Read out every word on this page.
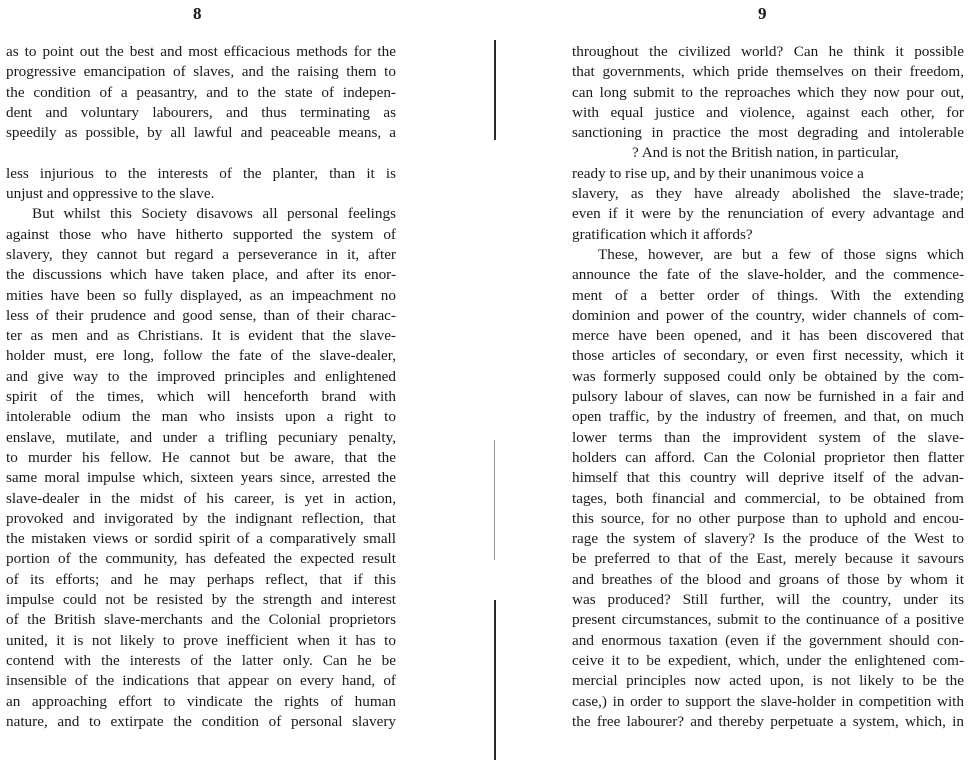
8
as to point out the best and most efficacious methods for the
progressive emancipation of slaves, and the raising them to
the condition of a peasantry, and to the state of indepen-
dent and voluntary labourers, and thus terminating as
speedily as possible, by all lawful and peaceable means, a
less injurious to the interests of the planter, than it is
unjust and oppressive to the slave.
But whilst this Society disavows all personal feelings
against those who have hitherto supported the system of
slavery, they cannot but regard a perseverance in it, after
the discussions which have taken place, and after its enor-
mities have been so fully displayed, as an impeachment no
less of their prudence and good sense, than of their charac-
ter as men and as Christians. It is evident that the slave-
holder must, ere long, follow the fate of the slave-dealer,
and give way to the improved principles and enlightened
spirit of the times, which will henceforth brand with
intolerable odium the man who insists upon a right to
enslave, mutilate, and under a trifling pecuniary penalty,
to murder his fellow. He cannot but be aware, that the
same moral impulse which, sixteen years since, arrested the
slave-dealer in the midst of his career, is yet in action,
provoked and invigorated by the indignant reflection, that
the mistaken views or sordid spirit of a comparatively small
portion of the community, has defeated the expected result
of its efforts; and he may perhaps reflect, that if this
impulse could not be resisted by the strength and interest
of the British slave-merchants and the Colonial proprietors
united, it is not likely to prove inefficient when it has to
contend with the interests of the latter only. Can he be
insensible of the indications that appear on every hand, of
an approaching effort to vindicate the rights of human
nature, and to extirpate the condition of personal slavery
9
throughout the civilized world? Can he think it possible
that governments, which pride themselves on their freedom,
can long submit to the reproaches which they now pour out,
with equal justice and violence, against each other, for
sanctioning in practice the most degrading and intolerable
? And is not the British nation, in particular,
ready to rise up, and by their unanimous voice a
slavery, as they have already abolished the slave-trade;
even if it were by the renunciation of every advantage and
gratification which it affords?
These, however, are but a few of those signs which
announce the fate of the slave-holder, and the commence-
ment of a better order of things. With the extending
dominion and power of the country, wider channels of com-
merce have been opened, and it has been discovered that
those articles of secondary, or even first necessity, which it
was formerly supposed could only be obtained by the com-
pulsory labour of slaves, can now be furnished in a fair and
open traffic, by the industry of freemen, and that, on much
lower terms than the improvident system of the slave-
holders can afford. Can the Colonial proprietor then flatter
himself that this country will deprive itself of the advan-
tages, both financial and commercial, to be obtained from
this source, for no other purpose than to uphold and encou-
rage the system of slavery? Is the produce of the West to
be preferred to that of the East, merely because it savours
and breathes of the blood and groans of those by whom it
was produced? Still further, will the country, under its
present circumstances, submit to the continuance of a positive
and enormous taxation (even if the government should con-
ceive it to be expedient, which, under the enlightened com-
mercial principles now acted upon, is not likely to be the
case,) in order to support the slave-holder in competition with
the free labourer? and thereby perpetuate a system, which, in
